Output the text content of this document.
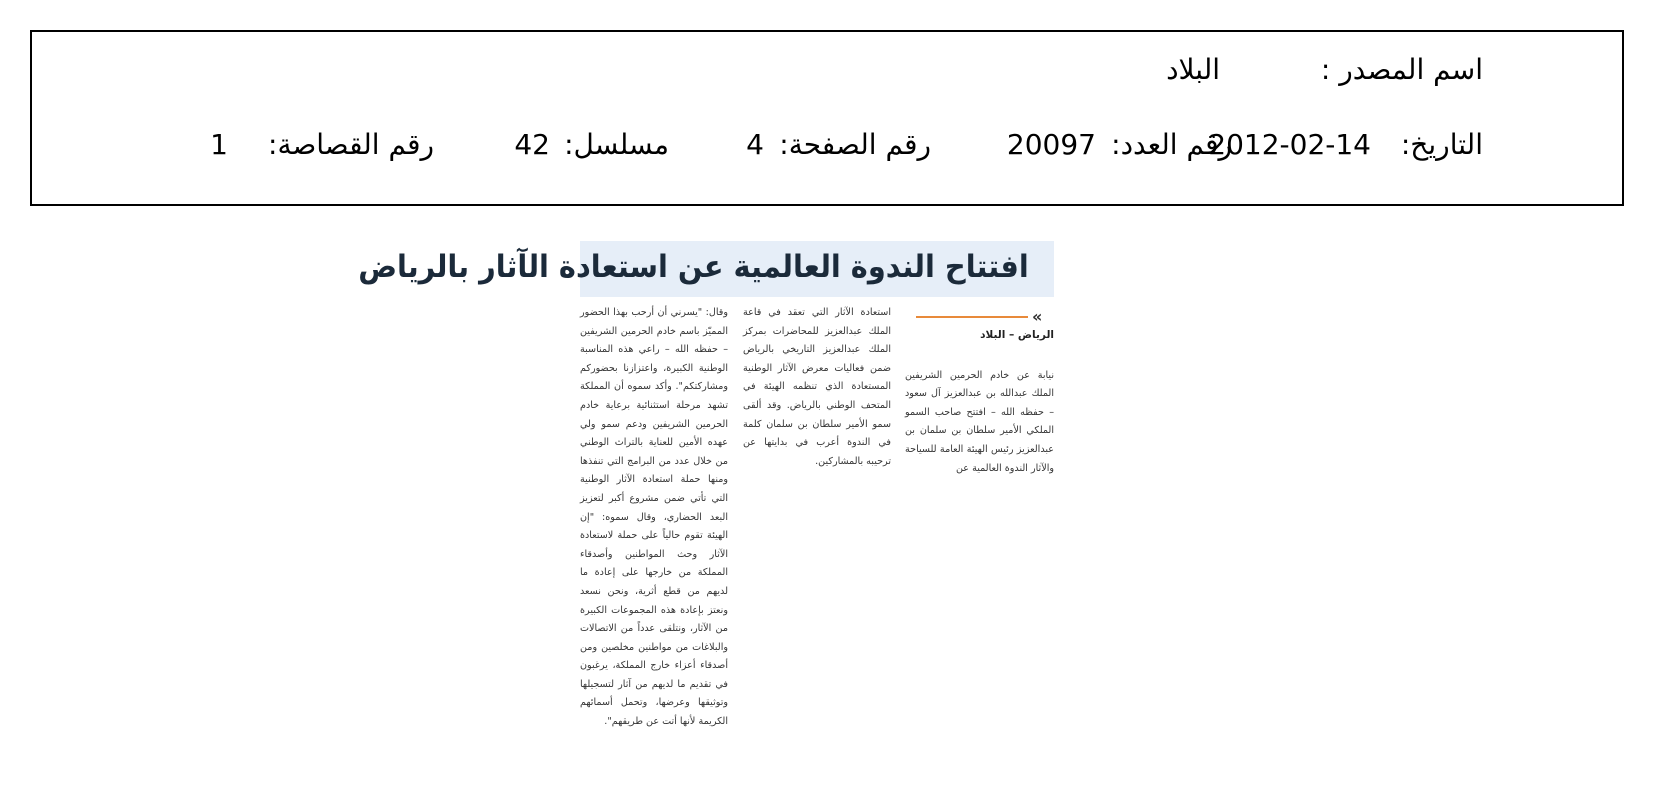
اسم المصدر :
البلاد
التاريخ:
2012-02-14
رقم العدد:
20097
رقم الصفحة:
4
مسلسل:
42
رقم القصاصة:
1
افتتاح الندوة العالمية عن استعادة الآثار بالرياض
«
الرياض – البلاد

نيابة عن خادم الحرمين الشريفين الملك عبدالله بن عبدالعزيز آل سعود – حفظه الله – افتتح صاحب السمو الملكي الأمير سلطان بن سلمان بن عبدالعزيز رئيس الهيئة العامة للسياحة والآثار الندوة العالمية عن

استعادة الآثار التي تعقد في قاعة الملك عبدالعزيز للمحاضرات بمركز الملك عبدالعزيز التاريخي بالرياض ضمن فعاليات معرض الآثار الوطنية المستعادة الذي تنظمه الهيئة في المتحف الوطني بالرياض. وقد ألقى سمو الأمير سلطان بن سلمان كلمة في الندوة أعرب في بدايتها عن ترحيبه بالمشاركين.

وقال: "يسرني أن أرحب بهذا الحضور المميّز باسم خادم الحرمين الشريفين – حفظه الله – راعي هذه المناسبة الوطنية الكبيرة، واعتزازنا بحضوركم ومشاركتكم". وأكد سموه أن المملكة تشهد مرحلة استثنائية برعاية خادم الحرمين الشريفين ودعم سمو ولي عهده الأمين للعناية بالتراث الوطني من خلال عدد من البرامج التي تنفذها ومنها حملة استعادة الآثار الوطنية التي تأتي ضمن مشروع أكبر لتعزيز البعد الحضاري، وقال سموه: "إن الهيئة تقوم حالياً على حملة لاستعادة الآثار وحث المواطنين وأصدقاء المملكة من خارجها على إعادة ما لديهم من قطع أثرية، ونحن نسعد ونعتز بإعادة هذه المجموعات الكبيرة من الآثار، ونتلقى عدداً من الاتصالات والبلاغات من مواطنين مخلصين ومن أصدقاء أعزاء خارج المملكة، يرغبون في تقديم ما لديهم من آثار لتسجيلها وتوثيقها وعرضها، وتحمل أسمائهم الكريمة لأنها أتت عن طريقهم".
